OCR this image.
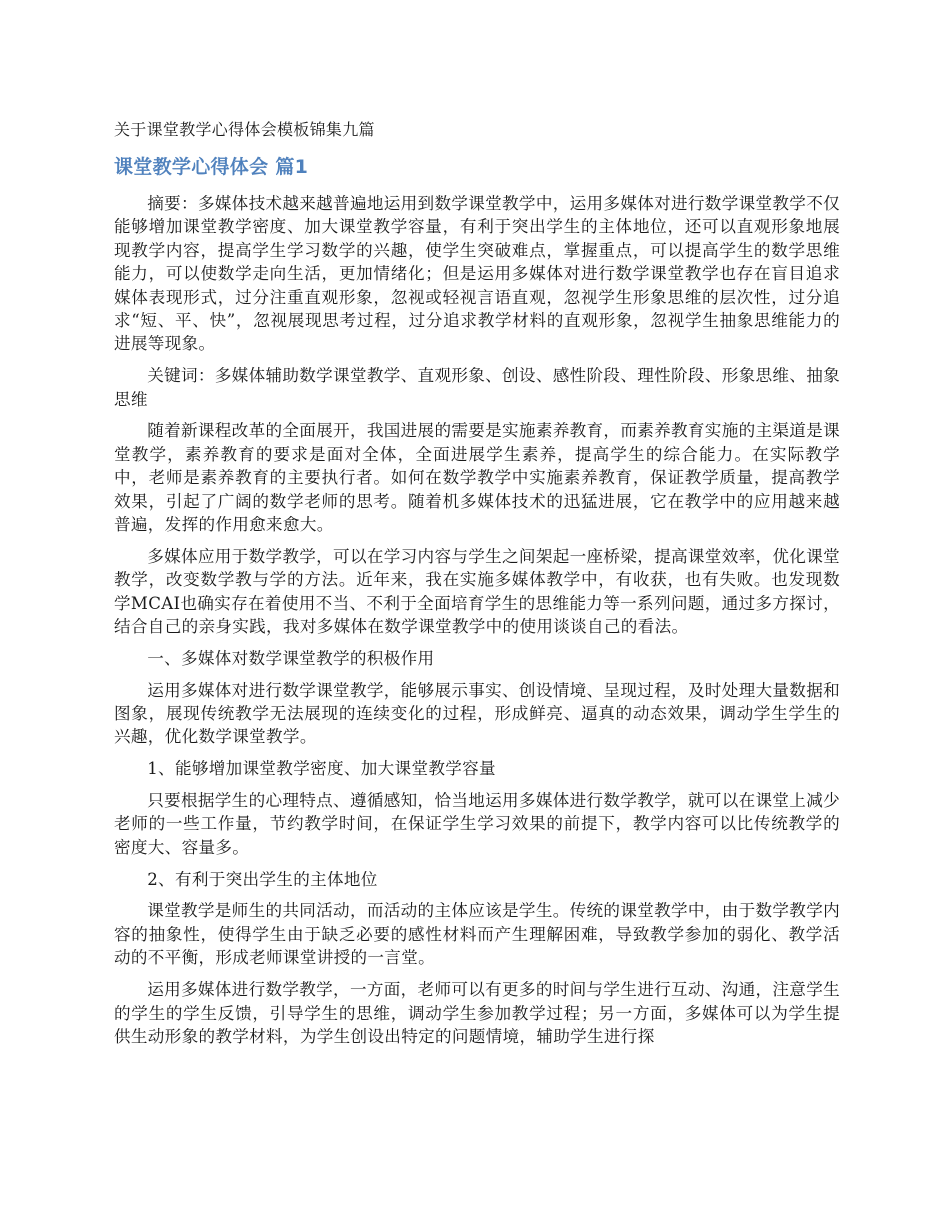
关于课堂教学心得体会模板锦集九篇

课堂教学心得体会 篇1

摘要：多媒体技术越来越普遍地运用到数学课堂教学中，运用多媒体对进行数学课堂教学不仅能够增加课堂教学密度、加大课堂教学容量，有利于突出学生的主体地位，还可以直观形象地展现教学内容，提高学生学习数学的兴趣，使学生突破难点，掌握重点，可以提高学生的数学思维能力，可以使数学走向生活，更加情绪化；但是运用多媒体对进行数学课堂教学也存在盲目追求媒体表现形式，过分注重直观形象，忽视或轻视言语直观，忽视学生形象思维的层次性，过分追求“短、平、快”，忽视展现思考过程，过分追求教学材料的直观形象，忽视学生抽象思维能力的进展等现象。

关键词：多媒体辅助数学课堂教学、直观形象、创设、感性阶段、理性阶段、形象思维、抽象思维

随着新课程改革的全面展开，我国进展的需要是实施素养教育，而素养教育实施的主渠道是课堂教学，素养教育的要求是面对全体，全面进展学生素养，提高学生的综合能力。在实际教学中，老师是素养教育的主要执行者。如何在数学教学中实施素养教育，保证教学质量，提高教学效果，引起了广阔的数学老师的思考。随着机多媒体技术的迅猛进展，它在教学中的应用越来越普遍，发挥的作用愈来愈大。

多媒体应用于数学教学，可以在学习内容与学生之间架起一座桥梁，提高课堂效率，优化课堂教学，改变数学教与学的方法。近年来，我在实施多媒体教学中，有收获，也有失败。也发现数学MCAI也确实存在着使用不当、不利于全面培育学生的思维能力等一系列问题，通过多方探讨，结合自己的亲身实践，我对多媒体在数学课堂教学中的使用谈谈自己的看法。

一、多媒体对数学课堂教学的积极作用

运用多媒体对进行数学课堂教学，能够展示事实、创设情境、呈现过程，及时处理大量数据和图象，展现传统教学无法展现的连续变化的过程，形成鲜亮、逼真的动态效果，调动学生学生的兴趣，优化数学课堂教学。

1、能够增加课堂教学密度、加大课堂教学容量

只要根据学生的心理特点、遵循感知，恰当地运用多媒体进行数学教学，就可以在课堂上减少老师的一些工作量，节约教学时间，在保证学生学习效果的前提下，教学内容可以比传统教学的密度大、容量多。

2、有利于突出学生的主体地位

课堂教学是师生的共同活动，而活动的主体应该是学生。传统的课堂教学中，由于数学教学内容的抽象性，使得学生由于缺乏必要的感性材料而产生理解困难，导致教学参加的弱化、教学活动的不平衡，形成老师课堂讲授的一言堂。

运用多媒体进行数学教学，一方面，老师可以有更多的时间与学生进行互动、沟通，注意学生的学生的学生反馈，引导学生的思维，调动学生参加教学过程；另一方面，多媒体可以为学生提供生动形象的教学材料，为学生创设出特定的问题情境，辅助学生进行探
